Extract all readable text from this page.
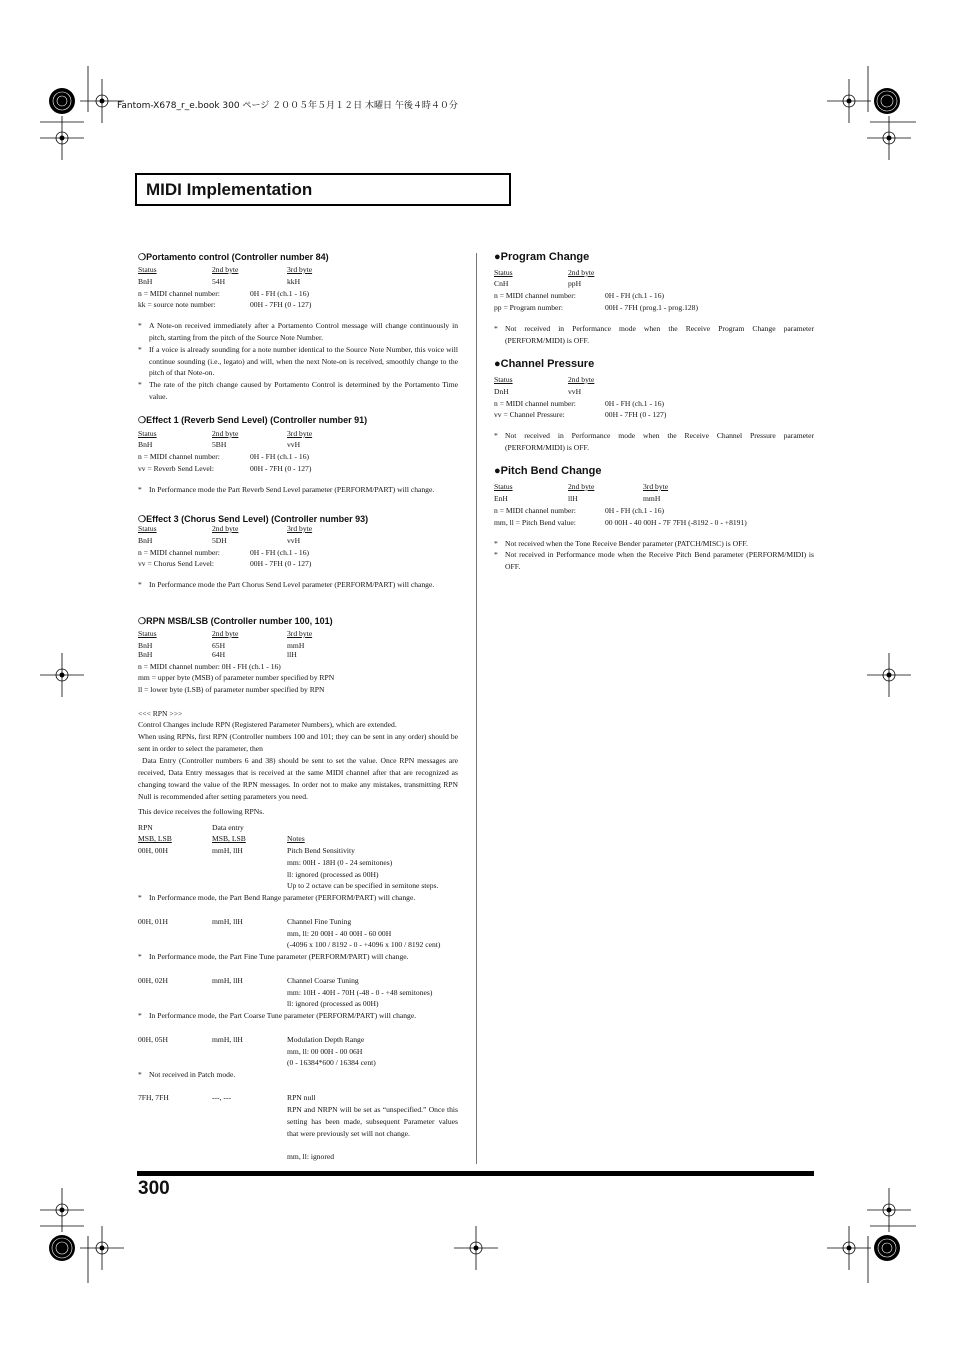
Fantom-X678_r_e.book 300 ページ ２００５年５月１２日 木曜日 午後４時４０分
MIDI Implementation
❍Portamento control (Controller number 84)
Status	2nd byte	3rd byte
BnH	54H	kkH
n = MIDI channel number:	0H - FH (ch.1 - 16)
kk = source note number:	00H - 7FH (0 - 127)
* A Note-on received immediately after a Portamento Control message will change continuously in pitch, starting from the pitch of the Source Note Number.
* If a voice is already sounding for a note number identical to the Source Note Number, this voice will continue sounding (i.e., legato) and will, when the next Note-on is received, smoothly change to the pitch of that Note-on.
* The rate of the pitch change caused by Portamento Control is determined by the Portamento Time value.
❍Effect 1 (Reverb Send Level) (Controller number 91)
Status	2nd byte	3rd byte
BnH	5BH	vvH
n = MIDI channel number:	0H - FH (ch.1 - 16)
vv = Reverb Send Level:	00H - 7FH (0 - 127)
* In Performance mode the Part Reverb Send Level parameter (PERFORM/PART) will change.
❍Effect 3 (Chorus Send Level) (Controller number 93)
Status	2nd byte	3rd byte
BnH	5DH	vvH
n = MIDI channel number:	0H - FH (ch.1 - 16)
vv = Chorus Send Level:	00H - 7FH (0 - 127)
* In Performance mode the Part Chorus Send Level parameter (PERFORM/PART) will change.
❍RPN MSB/LSB (Controller number 100, 101)
Status	2nd byte	3rd byte
BnH	65H	mmH
BnH	64H	llH
n = MIDI channel number: 0H - FH (ch.1 - 16)
mm = upper byte (MSB) of parameter number specified by RPN
ll = lower byte (LSB) of parameter number specified by RPN
<<< RPN >>>
Control Changes include RPN (Registered Parameter Numbers), which are extended.
When using RPNs, first RPN (Controller numbers 100 and 101; they can be sent in any order) should be sent in order to select the parameter, then
Data Entry (Controller numbers 6 and 38) should be sent to set the value. Once RPN messages are received, Data Entry messages that is received at the same MIDI channel after that are recognized as changing toward the value of the RPN messages. In order not to make any mistakes, transmitting RPN Null is recommended after setting parameters you need.
This device receives the following RPNs.
RPN	Data entry
MSB, LSB	MSB, LSB	Notes
00H, 00H	mmH, llH	Pitch Bend Sensitivity
mm: 00H - 18H (0 - 24 semitones)
ll: ignored (processed as 00H)
Up to 2 octave can be specified in semitone steps.
* In Performance mode, the Part Bend Range parameter (PERFORM/PART) will change.
00H, 01H	mmH, llH	Channel Fine Tuning
mm, ll: 20 00H - 40 00H - 60 00H
(-4096 x 100 / 8192 - 0 - +4096 x 100 / 8192 cent)
* In Performance mode, the Part Fine Tune parameter (PERFORM/PART) will change.
00H, 02H	mmH, llH	Channel Coarse Tuning
mm: 10H - 40H - 70H (-48 - 0 - +48 semitones)
ll: ignored (processed as 00H)
* In Performance mode, the Part Coarse Tune parameter (PERFORM/PART) will change.
00H, 05H	mmH, llH	Modulation Depth Range
mm, ll: 00 00H - 00 06H
(0 - 16384*600 / 16384 cent)
* Not received in Patch mode.
7FH, 7FH	---, ---	RPN null
RPN and NRPN will be set as “unspecified.” Once this setting has been made, subsequent Parameter values that were previously set will not change.
mm, ll: ignored
●Program Change
Status	2nd byte
CnH	ppH
n = MIDI channel number:	0H - FH (ch.1 - 16)
pp = Program number:	00H - 7FH (prog.1 - prog.128)
* Not received in Performance mode when the Receive Program Change parameter (PERFORM/MIDI) is OFF.
●Channel Pressure
Status	2nd byte
DnH	vvH
n = MIDI channel number:	0H - FH (ch.1 - 16)
vv = Channel Pressure:	00H - 7FH (0 - 127)
* Not received in Performance mode when the Receive Channel Pressure parameter (PERFORM/MIDI) is OFF.
●Pitch Bend Change
Status	2nd byte	3rd byte
EnH	llH	mmH
n = MIDI channel number:	0H - FH (ch.1 - 16)
mm, ll = Pitch Bend value:	00 00H - 40 00H - 7F 7FH (-8192 - 0 - +8191)
* Not received when the Tone Receive Bender parameter (PATCH/MISC) is OFF.
* Not received in Performance mode when the Receive Pitch Bend parameter (PERFORM/MIDI) is OFF.
300
